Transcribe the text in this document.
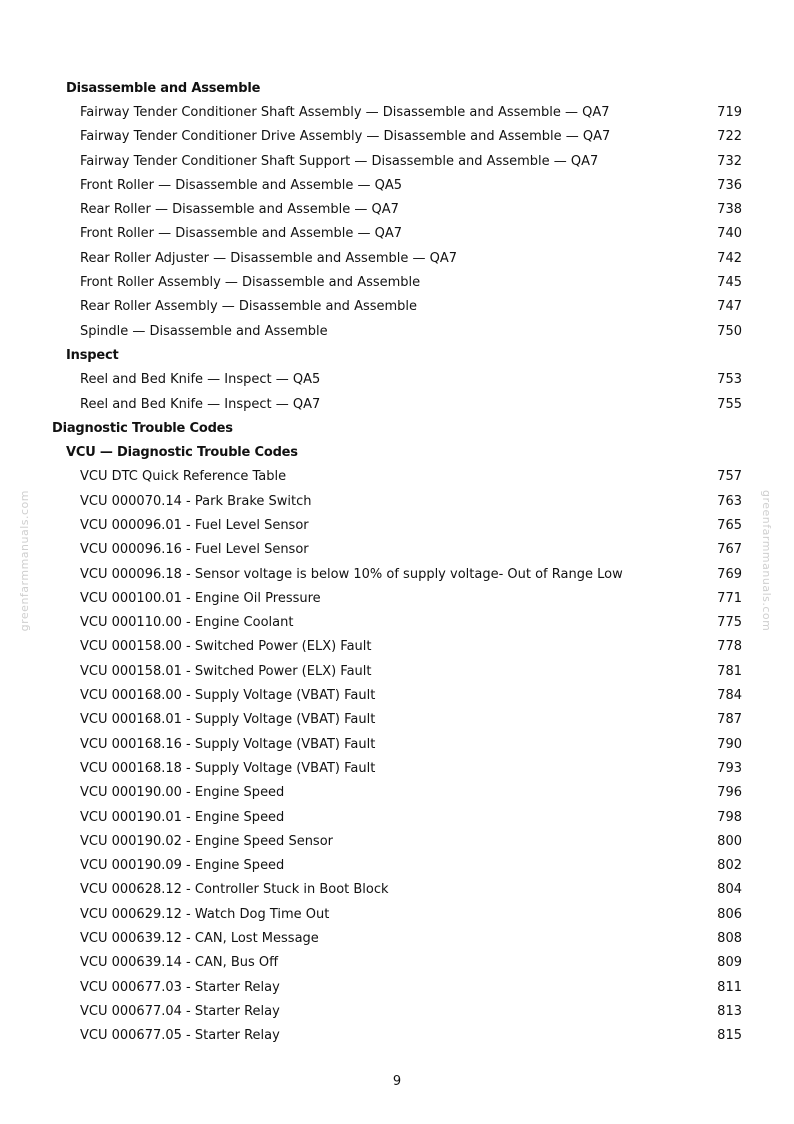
greenfarmmanuals.com	greenfarmmanuals.com
Disassemble and Assemble
Fairway Tender Conditioner Shaft Assembly — Disassemble and Assemble — QA7	719
Fairway Tender Conditioner Drive Assembly — Disassemble and Assemble — QA7	722
Fairway Tender Conditioner Shaft Support — Disassemble and Assemble — QA7	732
Front Roller — Disassemble and Assemble — QA5	736
Rear Roller — Disassemble and Assemble — QA7	738
Front Roller — Disassemble and Assemble — QA7	740
Rear Roller Adjuster — Disassemble and Assemble — QA7	742
Front Roller Assembly — Disassemble and Assemble	745
Rear Roller Assembly — Disassemble and Assemble	747
Spindle — Disassemble and Assemble	750
Inspect
Reel and Bed Knife — Inspect — QA5	753
Reel and Bed Knife — Inspect — QA7	755
Diagnostic Trouble Codes
VCU — Diagnostic Trouble Codes
VCU DTC Quick Reference Table	757
VCU 000070.14 - Park Brake Switch	763
VCU 000096.01 - Fuel Level Sensor	765
VCU 000096.16 - Fuel Level Sensor	767
VCU 000096.18 - Sensor voltage is below 10% of supply voltage- Out of Range Low	769
VCU 000100.01 - Engine Oil Pressure	771
VCU 000110.00 - Engine Coolant	775
VCU 000158.00 - Switched Power (ELX) Fault	778
VCU 000158.01 - Switched Power (ELX) Fault	781
VCU 000168.00 - Supply Voltage (VBAT) Fault	784
VCU 000168.01 - Supply Voltage (VBAT) Fault	787
VCU 000168.16 - Supply Voltage (VBAT) Fault	790
VCU 000168.18 - Supply Voltage (VBAT) Fault	793
VCU 000190.00 - Engine Speed	796
VCU 000190.01 - Engine Speed	798
VCU 000190.02 - Engine Speed Sensor	800
VCU 000190.09 - Engine Speed	802
VCU 000628.12 - Controller Stuck in Boot Block	804
VCU 000629.12 - Watch Dog Time Out	806
VCU 000639.12 - CAN, Lost Message	808
VCU 000639.14 - CAN, Bus Off	809
VCU 000677.03 - Starter Relay	811
VCU 000677.04 - Starter Relay	813
VCU 000677.05 - Starter Relay	815
9
